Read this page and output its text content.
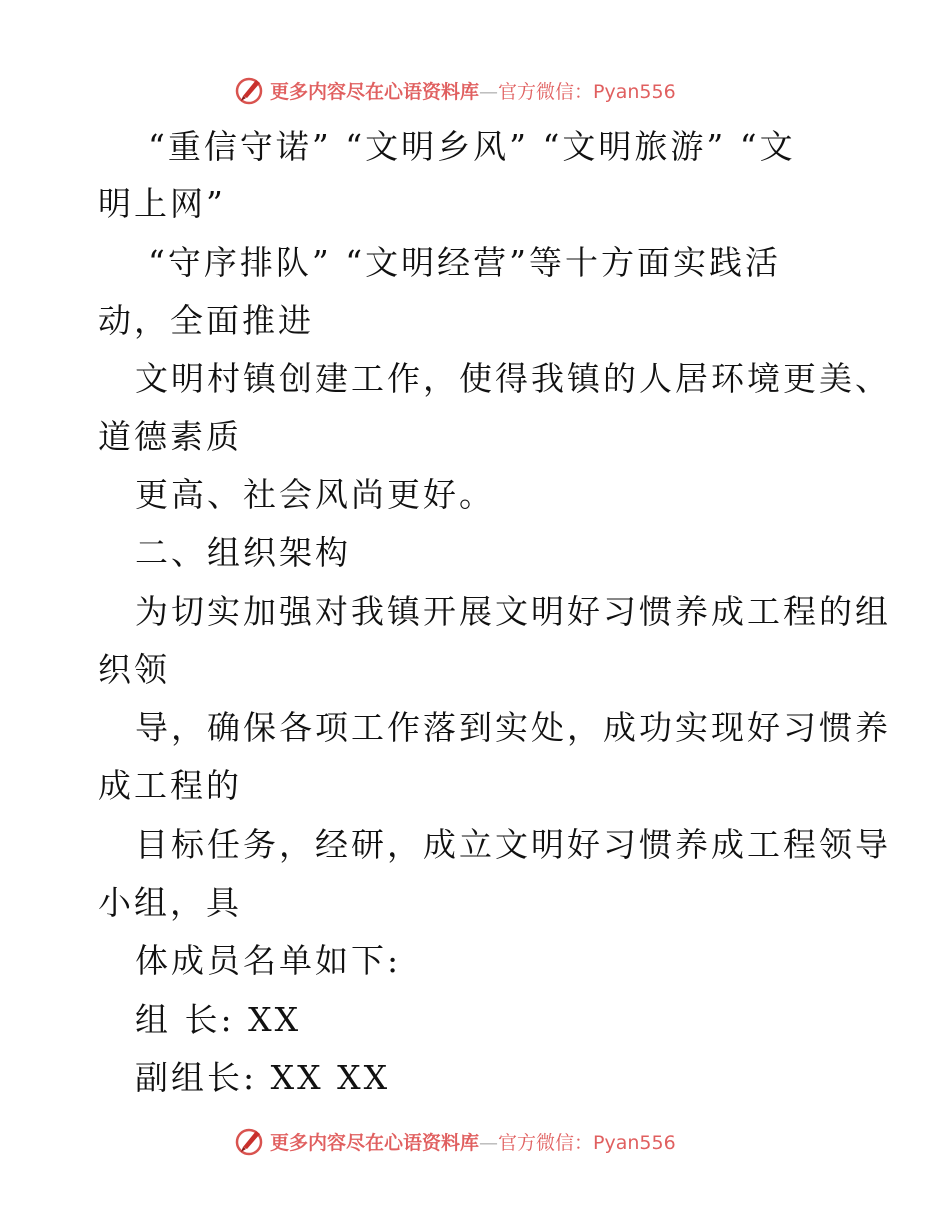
更多内容尽在心语资料库—官方微信：Pyan556
“重信守诺” “文明乡风” “文明旅游” “文
明上网”
“守序排队” “文明经营”等十方面实践活
动，全面推进
文明村镇创建工作，使得我镇的人居环境更美、
道德素质
更高、社会风尚更好。
二、组织架构
为切实加强对我镇开展文明好习惯养成工程的组
织领
导，确保各项工作落到实处，成功实现好习惯养
成工程的
目标任务，经研，成立文明好习惯养成工程领导
小组，具
体成员名单如下:
组 长: XX
副组长: XX XX
更多内容尽在心语资料库—官方微信：Pyan556
